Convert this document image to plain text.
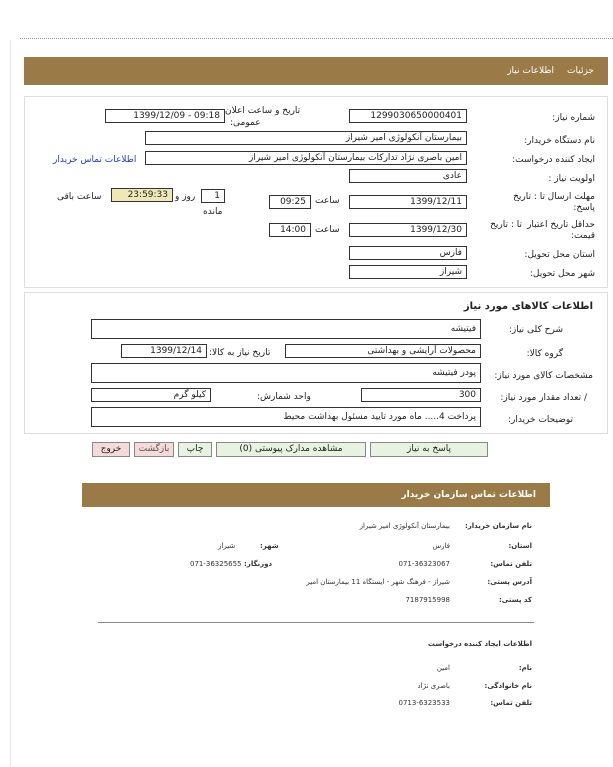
جزئیات
اطلاعات نیاز
شماره نیاز:
1299030650000401
تاریخ و ساعت اعلان
عمومی:
1399/12/09 - 09:18
نام دستگاه خریدار:
بیمارستان آنکولوژی امیر شیراز
ایجاد کننده درخواست:
امین باصری نژاد تدارکات بیمارستان آنکولوژی امیر شیراز
اطلاعات تماس خریدار
اولویت نیاز :
عادی
مهلت ارسال
پاسخ:
تا : تاریخ
1399/12/11
ساعت
09:25
1
روز و
مانده
23:59:33
ساعت باقی
حداقل تاریخ اعتبار
قیمت:
تا : تاریخ
1399/12/30
ساعت
14:00
استان محل تحویل:
فارس
شهر محل تحویل:
شیراز
اطلاعات کالاهای مورد نیاز
شرح کلی نیاز:
فیتیشه
گروه کالا:
محصولات آرایشی و بهداشتی
تاریخ نیاز به کالا:
1399/12/14
مشخصات کالای مورد نیاز:
پودر فیتیشه
/ تعداد مقدار مورد نیاز:
300
واحد شمارش:
کیلو گرم
توضیحات خریدار:
پرداخت 4..... ماه مورد تایید مسئول بهداشت محیط
پاسخ به نیاز
مشاهده مدارک پیوستی (0)
چاپ
بازگشت
خروج
اطلاعات تماس سازمان خریدار
نام سازمان خریدار:
بیمارستان آنکولوژی امیر شیراز
استان:
فارس
شهر:
شیراز
تلفن تماس:
071-36323067
دورنگار:
071-36325655
آدرس پستی:
شیراز - فرهنگ شهر - ایستگاه 11 بیمارستان امیر
کد پستی:
7187915998
اطلاعات ایجاد کننده درخواست
نام:
امین
نام خانوادگی:
باصری نژاد
تلفن تماس:
0713-6323533
